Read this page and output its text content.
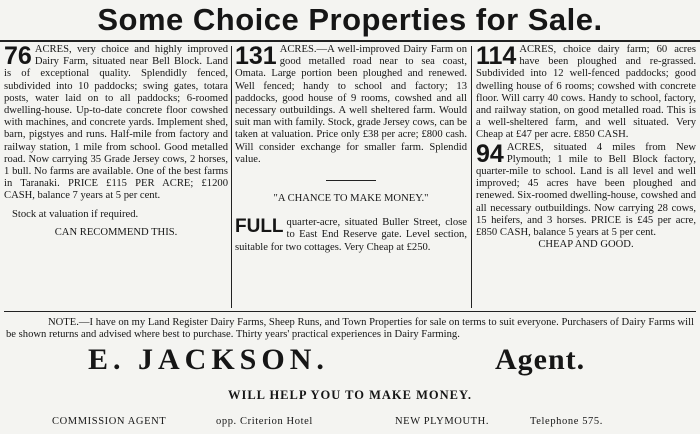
Some Choice Properties for Sale.
76 ACRES, very choice and highly improved Dairy Farm, situated near Bell Block. Land is of exceptional quality. Splendidly fenced, subdivided into 10 paddocks; swing gates, totara posts, water laid on to all paddocks; 6-roomed dwelling-house. Up-to-date concrete floor cowshed with machines, and concrete yards. Implement shed, barn, pigstyes and runs. Half-mile from factory and railway station, 1 mile from school. Good metalled road. Now carrying 35 Grade Jersey cows, 2 horses, 1 bull. No farms are available. One of the best farms in Taranaki. PRICE £115 PER ACRE; £1200 CASH, balance 7 years at 5 per cent.

Stock at valuation if required.

CAN RECOMMEND THIS.

131 ACRES.—A well-improved Dairy Farm on good metalled road near to sea coast, Omata. Large portion been ploughed and renewed. Well fenced; handy to school and factory; 13 paddocks, good house of 9 rooms, cowshed and all necessary outbuildings. A well sheltered farm. Would suit man with family. Stock, grade Jersey cows, can be taken at valuation. Price only £38 per acre; £800 cash. Will consider exchange for smaller farm. Splendid value.

"A CHANCE TO MAKE MONEY."

FULL quarter-acre, situated Buller Street, close to East End Reserve gate. Level section, suitable for two cottages. Very Cheap at £250.

114 ACRES, choice dairy farm; 60 acres have been ploughed and re-grassed. Subdivided into 12 well-fenced paddocks; good dwelling house of 6 rooms; cowshed with concrete floor. Will carry 40 cows. Handy to school, factory, and railway station, on good metalled road. This is a well-sheltered farm, and well situated. Very Cheap at £47 per acre. £850 CASH.

94 ACRES, situated 4 miles from New Plymouth; 1 mile to Bell Block factory, quarter-mile to school. Land is all level and well improved; 45 acres have been ploughed and renewed. Six-roomed dwelling-house, cowshed and all necessary outbuildings. Now carrying 28 cows, 15 heifers, and 3 horses. PRICE is £45 per acre, £850 CASH, balance 5 years at 5 per cent.

CHEAP AND GOOD.

NOTE.—I have on my Land Register Dairy Farms, Sheep Runs, and Town Properties for sale on terms to suit everyone. Purchasers of Dairy Farms will be shown returns and advised where best to purchase. Thirty years' practical experiences in Dairy Farming.

E. JACKSON.	Agent.
WILL HELP YOU TO MAKE MONEY.
COMMISSION AGENT	opp. Criterion Hotel	NEW PLYMOUTH.	Telephone 575.
